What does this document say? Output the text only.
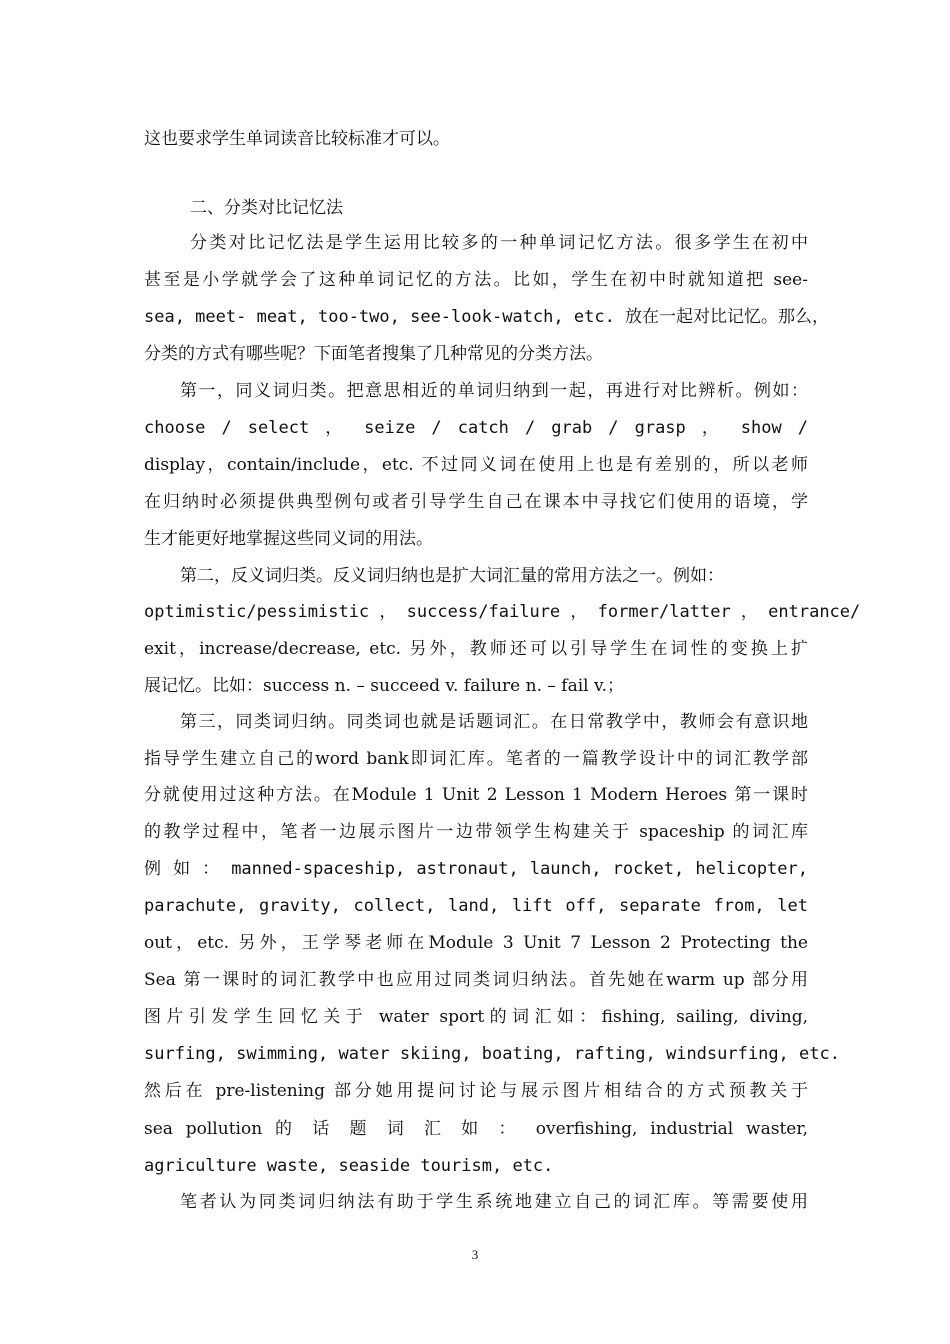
这也要求学生单词读音比较标准才可以。
二、分类对比记忆法
分类对比记忆法是学生运用比较多的一种单词记忆方法。很多学生在初中
甚至是小学就学会了这种单词记忆的方法。比如，学生在初中时就知道把 see-
sea, meet- meat, too-two, see-look-watch, etc. 放在一起对比记忆。那么，
分类的方式有哪些呢？下面笔者搜集了几种常见的分类方法。
第一，同义词归类。把意思相近的单词归纳到一起，再进行对比辨析。例如：
choose / select ， seize / catch / grab / grasp ， show /
display，contain/include，etc. 不过同义词在使用上也是有差别的，所以老师
在归纳时必须提供典型例句或者引导学生自己在课本中寻找它们使用的语境，学
生才能更好地掌握这些同义词的用法。
第二，反义词归类。反义词归纳也是扩大词汇量的常用方法之一。例如：
optimistic/pessimistic ， success/failure ， former/latter ， entrance/
exit，increase/decrease, etc. 另外，教师还可以引导学生在词性的变换上扩
展记忆。比如：success n. – succeed v. failure n. – fail v.；
第三，同类词归纳。同类词也就是话题词汇。在日常教学中，教师会有意识地
指导学生建立自己的word bank即词汇库。笔者的一篇教学设计中的词汇教学部
分就使用过这种方法。在Module 1 Unit 2 Lesson 1 Modern Heroes 第一课时
的教学过程中，笔者一边展示图片一边带领学生构建关于 spaceship 的词汇库
例 如 ： manned-spaceship, astronaut, launch, rocket, helicopter,
parachute, gravity, collect, land, lift off, separate from, let
out，etc. 另外，王学琴老师在Module 3 Unit 7 Lesson 2 Protecting the
Sea 第一课时的词汇教学中也应用过同类词归纳法。首先她在warm up 部分用
图片引发学生回忆关于 water sport的词汇如：fishing, sailing, diving,
surfing, swimming, water skiing, boating, rafting, windsurfing, etc.
然后在 pre-listening 部分她用提问讨论与展示图片相结合的方式预教关于
sea pollution 的 话 题 词 汇 如 ： overfishing, industrial waster,
agriculture waste, seaside tourism, etc.
笔者认为同类词归纳法有助于学生系统地建立自己的词汇库。等需要使用
3
